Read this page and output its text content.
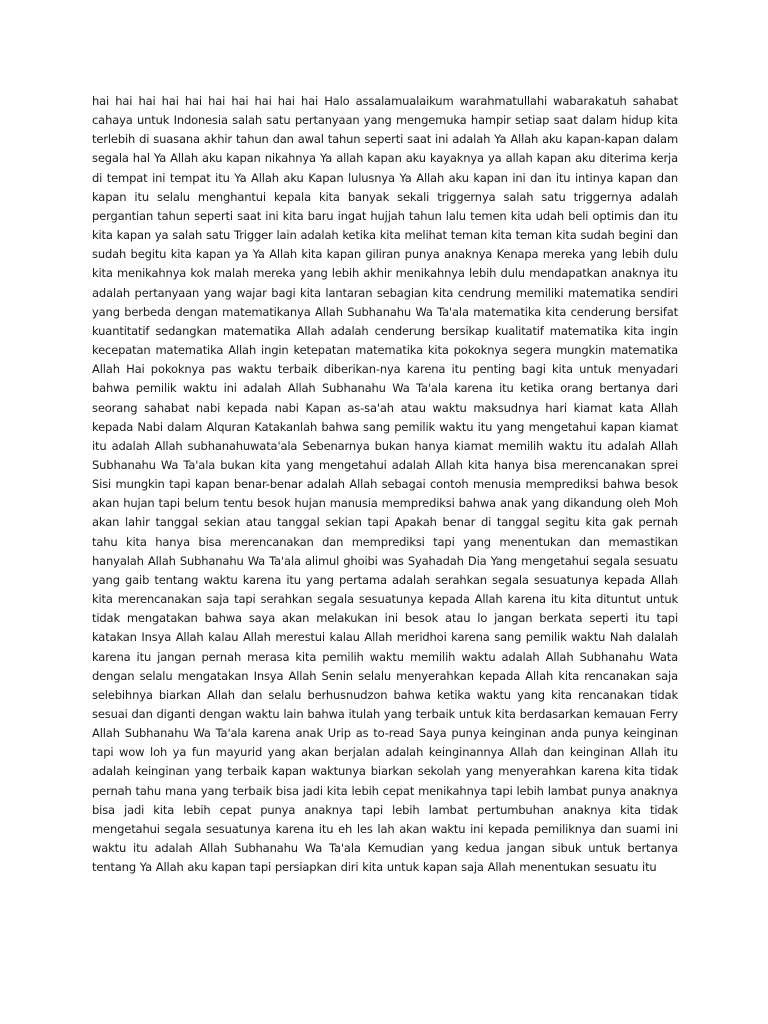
hai hai hai hai hai hai hai hai hai hai Halo assalamualaikum warahmatullahi wabarakatuh sahabat cahaya untuk Indonesia salah satu pertanyaan yang mengemuka hampir setiap saat dalam hidup kita terlebih di suasana akhir tahun dan awal tahun seperti saat ini adalah Ya Allah aku kapan-kapan dalam segala hal Ya Allah aku kapan nikahnya Ya allah kapan aku kayaknya ya allah kapan aku diterima kerja di tempat ini tempat itu Ya Allah aku Kapan lulusnya Ya Allah aku kapan ini dan itu intinya kapan dan kapan itu selalu menghantui kepala kita banyak sekali triggernya salah satu triggernya adalah pergantian tahun seperti saat ini kita baru ingat hujjah tahun lalu temen kita udah beli optimis dan itu kita kapan ya salah satu Trigger lain adalah ketika kita melihat teman kita teman kita sudah begini dan sudah begitu kita kapan ya Ya Allah kita kapan giliran punya anaknya Kenapa mereka yang lebih dulu kita menikahnya kok malah mereka yang lebih akhir menikahnya lebih dulu mendapatkan anaknya itu adalah pertanyaan yang wajar bagi kita lantaran sebagian kita cendrung memiliki matematika sendiri yang berbeda dengan matematikanya Allah Subhanahu Wa Ta'ala matematika kita cenderung bersifat kuantitatif sedangkan matematika Allah adalah cenderung bersikap kualitatif matematika kita ingin kecepatan matematika Allah ingin ketepatan matematika kita pokoknya segera mungkin matematika Allah Hai pokoknya pas waktu terbaik diberikan-nya karena itu penting bagi kita untuk menyadari bahwa pemilik waktu ini adalah Allah Subhanahu Wa Ta'ala karena itu ketika orang bertanya dari seorang sahabat nabi kepada nabi Kapan as-sa'ah atau waktu maksudnya hari kiamat kata Allah kepada Nabi dalam Alquran Katakanlah bahwa sang pemilik waktu itu yang mengetahui kapan kiamat itu adalah Allah subhanahuwata'ala Sebenarnya bukan hanya kiamat memilih waktu itu adalah Allah Subhanahu Wa Ta'ala bukan kita yang mengetahui adalah Allah kita hanya bisa merencanakan sprei Sisi mungkin tapi kapan benar-benar adalah Allah sebagai contoh menusia memprediksi bahwa besok akan hujan tapi belum tentu besok hujan manusia memprediksi bahwa anak yang dikandung oleh Moh akan lahir tanggal sekian atau tanggal sekian tapi Apakah benar di tanggal segitu kita gak pernah tahu kita hanya bisa merencanakan dan memprediksi tapi yang menentukan dan memastikan hanyalah Allah Subhanahu Wa Ta'ala alimul ghoibi was Syahadah Dia Yang mengetahui segala sesuatu yang gaib tentang waktu karena itu yang pertama adalah serahkan segala sesuatunya kepada Allah kita merencanakan saja tapi serahkan segala sesuatunya kepada Allah karena itu kita dituntut untuk tidak mengatakan bahwa saya akan melakukan ini besok atau lo jangan berkata seperti itu tapi katakan Insya Allah kalau Allah merestui kalau Allah meridhoi karena sang pemilik waktu Nah dalalah karena itu jangan pernah merasa kita pemilih waktu memilih waktu adalah Allah Subhanahu Wata dengan selalu mengatakan Insya Allah Senin selalu menyerahkan kepada Allah kita rencanakan saja selebihnya biarkan Allah dan selalu berhusnudzon bahwa ketika waktu yang kita rencanakan tidak sesuai dan diganti dengan waktu lain bahwa itulah yang terbaik untuk kita berdasarkan kemauan Ferry Allah Subhanahu Wa Ta'ala karena anak Urip as to-read Saya punya keinginan anda punya keinginan tapi wow loh ya fun mayurid yang akan berjalan adalah keinginannya Allah dan keinginan Allah itu adalah keinginan yang terbaik kapan waktunya biarkan sekolah yang menyerahkan karena kita tidak pernah tahu mana yang terbaik bisa jadi kita lebih cepat menikahnya tapi lebih lambat punya anaknya bisa jadi kita lebih cepat punya anaknya tapi lebih lambat pertumbuhan anaknya kita tidak mengetahui segala sesuatunya karena itu eh les lah akan waktu ini kepada pemiliknya dan suami ini waktu itu adalah Allah Subhanahu Wa Ta'ala Kemudian yang kedua jangan sibuk untuk bertanya tentang Ya Allah aku kapan tapi persiapkan diri kita untuk kapan saja Allah menentukan sesuatu itu
